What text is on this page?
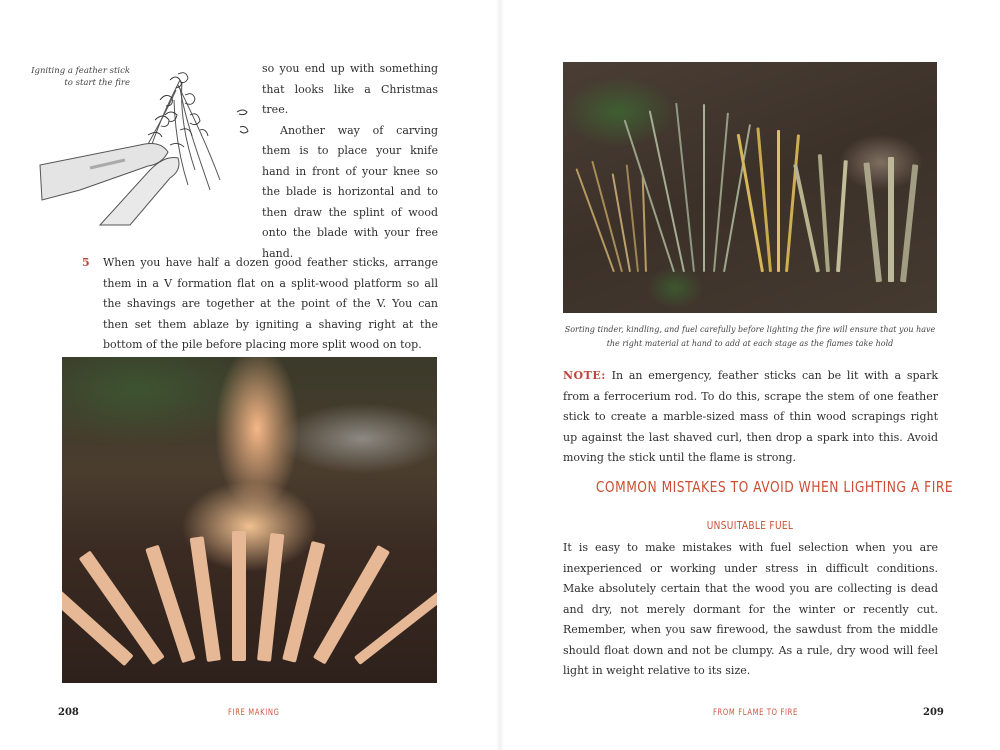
Igniting a feather stick to start the fire

so you end up with something that looks like a Christmas tree.

Another way of carving them is to place your knife hand in front of your knee so the blade is horizontal and to then draw the splint of wood onto the blade with your free hand.

5 When you have half a dozen good feather sticks, arrange them in a V formation flat on a split-wood platform so all the shavings are together at the point of the V. You can then set them ablaze by igniting a shaving right at the bottom of the pile before placing more split wood on top.

Sorting tinder, kindling, and fuel carefully before lighting the fire will ensure that you have the right material at hand to add at each stage as the flames take hold

NOTE: In an emergency, feather sticks can be lit with a spark from a ferrocerium rod. To do this, scrape the stem of one feather stick to create a marble-sized mass of thin wood scrapings right up against the last shaved curl, then drop a spark into this. Avoid moving the stick until the flame is strong.

COMMON MISTAKES TO AVOID WHEN LIGHTING A FIRE
UNSUITABLE FUEL

It is easy to make mistakes with fuel selection when you are inexperienced or working under stress in difficult conditions. Make absolutely certain that the wood you are collecting is dead and dry, not merely dormant for the winter or recently cut. Remember, when you saw firewood, the sawdust from the middle should float down and not be clumpy. As a rule, dry wood will feel light in weight relative to its size.

208	FIRE MAKING	FROM FLAME TO FIRE	209
